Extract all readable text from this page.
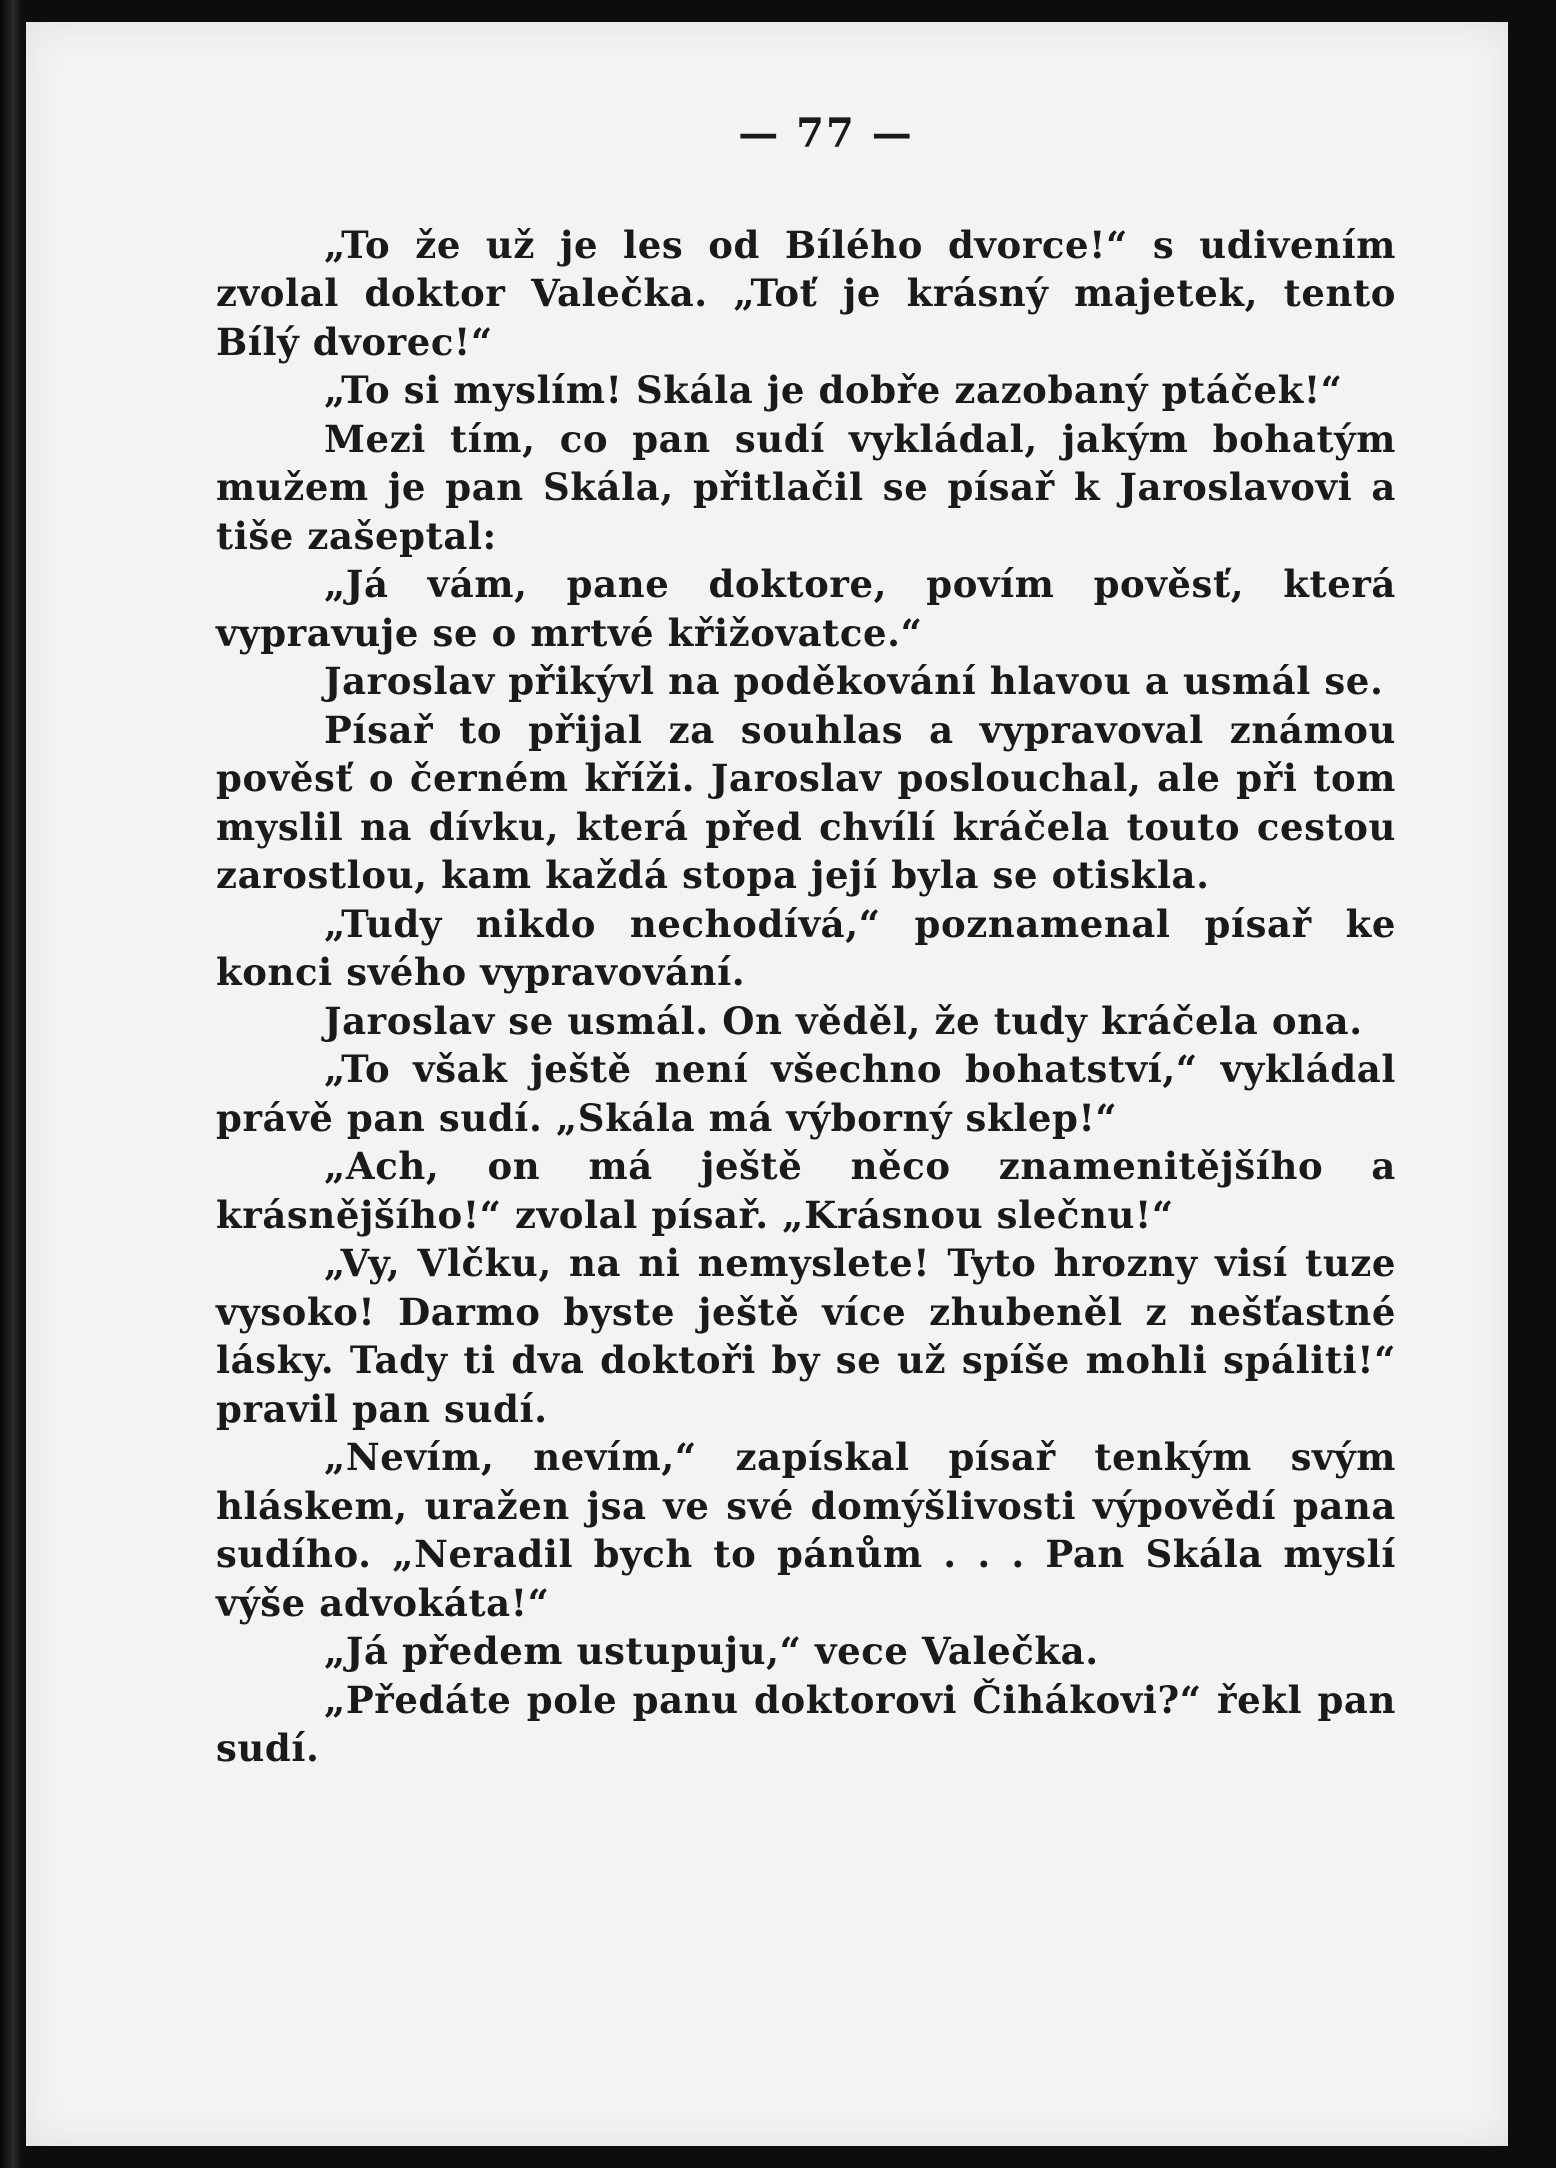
— 77 —

„To že už je les od Bílého dvorce!“ s udivením zvolal doktor Valečka. „Toť je krásný majetek, tento Bílý dvorec!“

„To si myslím! Skála je dobře zazobaný ptáček!“

Mezi tím, co pan sudí vykládal, jakým bohatým mužem je pan Skála, přitlačil se písař k Jaroslavovi a tiše zašeptal:

„Já vám, pane doktore, povím pověsť, která vypravuje se o mrtvé křižovatce.“

Jaroslav přikývl na poděkování hlavou a usmál se.

Písař to přijal za souhlas a vypravoval známou pověsť o černém kříži. Jaroslav poslouchal, ale při tom myslil na dívku, která před chvílí kráčela touto cestou zarostlou, kam každá stopa její byla se otiskla.

„Tudy nikdo nechodívá,“ poznamenal písař ke konci svého vypravování.

Jaroslav se usmál. On věděl, že tudy kráčela ona.

„To však ještě není všechno bohatství,“ vykládal právě pan sudí. „Skála má výborný sklep!“

„Ach, on má ještě něco znamenitějšího a krásnějšího!“ zvolal písař. „Krásnou slečnu!“

„Vy, Vlčku, na ni nemyslete! Tyto hrozny visí tuze vysoko! Darmo byste ještě více zhubeněl z nešťastné lásky. Tady ti dva doktoři by se už spíše mohli spáliti!“ pravil pan sudí.

„Nevím, nevím,“ zapískal písař tenkým svým hláskem, uražen jsa ve své domýšlivosti výpovědí pana sudího. „Neradil bych to pánům . . . Pan Skála myslí výše advokáta!“

„Já předem ustupuju,“ vece Valečka.

„Předáte pole panu doktorovi Čihákovi?“ řekl pan sudí.
